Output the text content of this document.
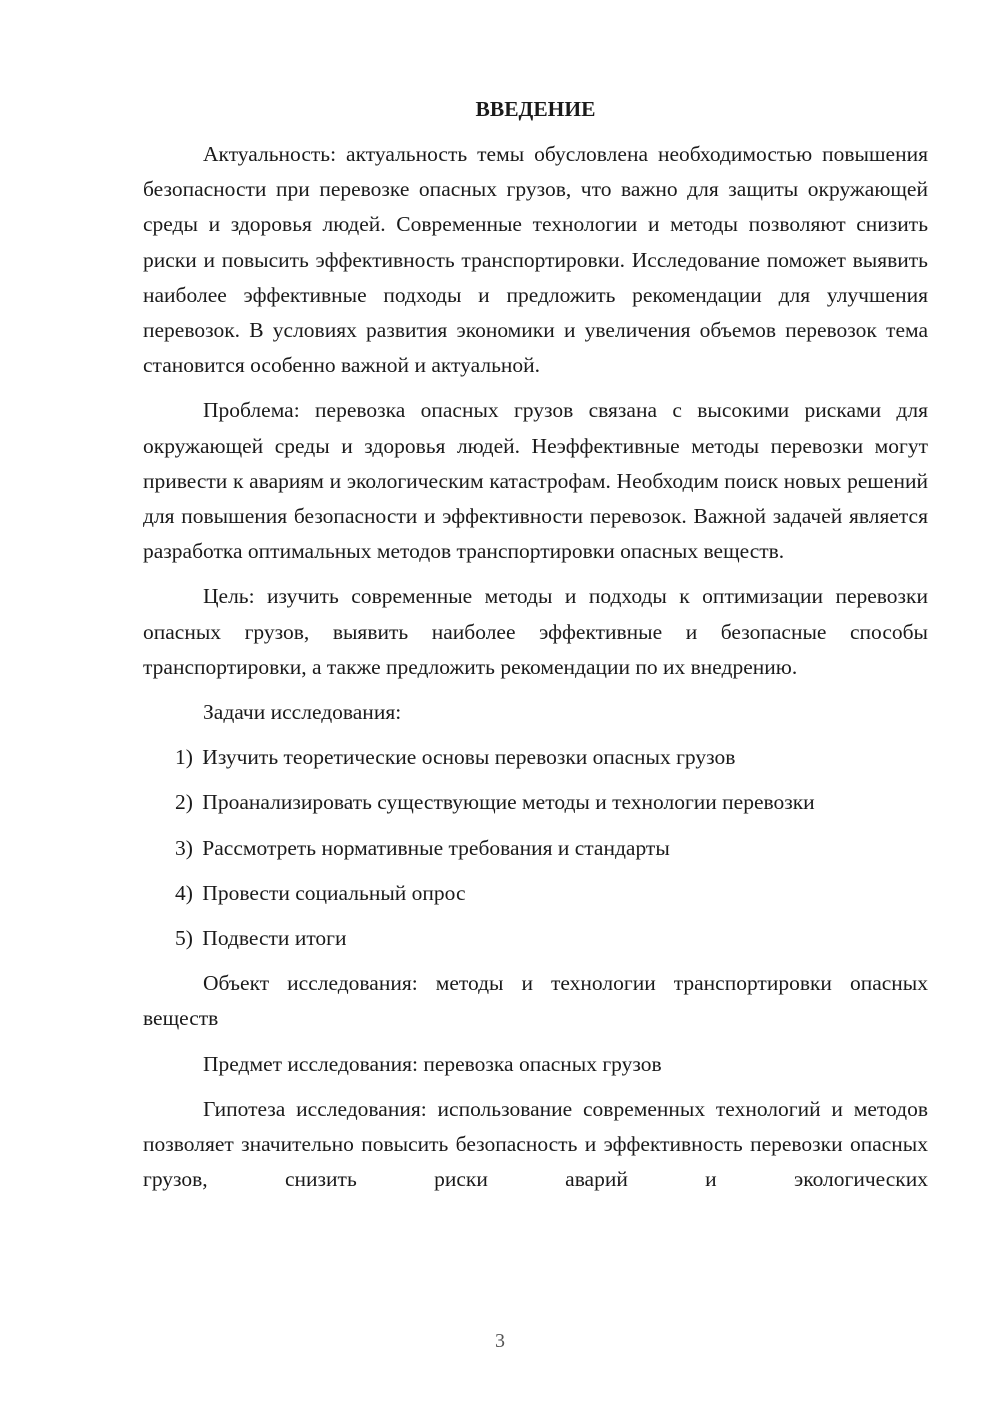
ВВЕДЕНИЕ

Актуальность: актуальность темы обусловлена необходимостью повышения безопасности при перевозке опасных грузов, что важно для защиты окружающей среды и здоровья людей. Современные технологии и методы позволяют снизить риски и повысить эффективность транспортировки. Исследование поможет выявить наиболее эффективные подходы и предложить рекомендации для улучшения перевозок. В условиях развития экономики и увеличения объемов перевозок тема становится особенно важной и актуальной.

Проблема: перевозка опасных грузов связана с высокими рисками для окружающей среды и здоровья людей. Неэффективные методы перевозки могут привести к авариям и экологическим катастрофам. Необходим поиск новых решений для повышения безопасности и эффективности перевозок. Важной задачей является разработка оптимальных методов транспортировки опасных веществ.

Цель: изучить современные методы и подходы к оптимизации перевозки опасных грузов, выявить наиболее эффективные и безопасные способы транспортировки, а также предложить рекомендации по их внедрению.

Задачи исследования:

1) Изучить теоретические основы перевозки опасных грузов
2) Проанализировать существующие методы и технологии перевозки
3) Рассмотреть нормативные требования и стандарты
4) Провести социальный опрос
5) Подвести итоги

Объект исследования: методы и технологии транспортировки опасных веществ

Предмет исследования: перевозка опасных грузов

Гипотеза исследования: использование современных технологий и методов позволяет значительно повысить безопасность и эффективность перевозки опасных грузов, снизить риски аварий и экологических

3
